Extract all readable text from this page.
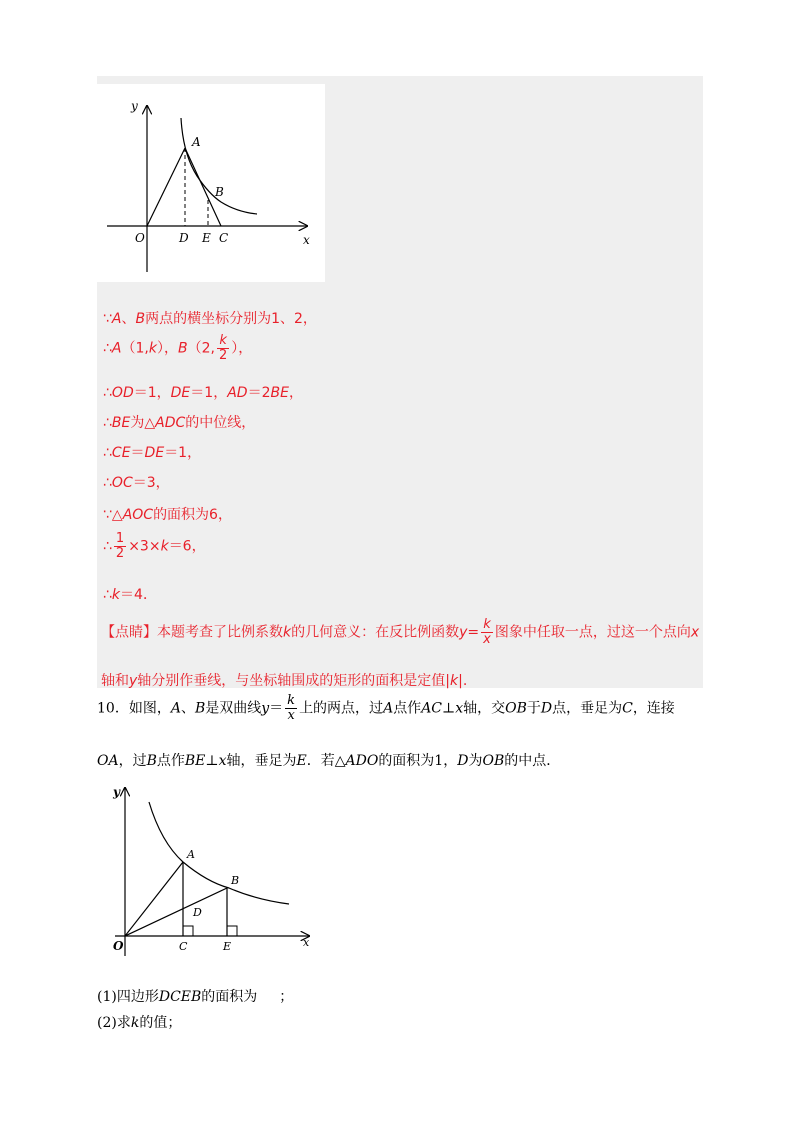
y
x
O
A
B
D E C
∵A、B两点的横坐标分别为1、2，
∴A（1,k），B（2, $\frac{k}{2}$ ），
∴OD＝1，DE＝1，AD＝2BE，
∴BE为△ADC的中位线，
∴CE＝DE＝1，
∴OC＝3，
∵△AOC的面积为6，
∴ $\frac{1}{2} \times 3\times k=6$，
∴k＝4．
【点睛】本题考查了比例系数k的几何意义：在反比例函数$y= \frac{k}{x}$ 图象中任取一点，过这一个点向x
轴和y轴分别作垂线，与坐标轴围成的矩形的面积是定值|k|.
10．如图，A、B是双曲线$y= \frac{k}{x}$ 上的两点，过A点作AC⊥x轴，交OB于D点，垂足为C，连接
OA，过B点作BE⊥x轴，垂足为E．若△ADO的面积为1，D为OB的中点．
y
x
O
A
B
D
C	E
(1)四边形DCEB的面积为 ；
(2)求k的值；
